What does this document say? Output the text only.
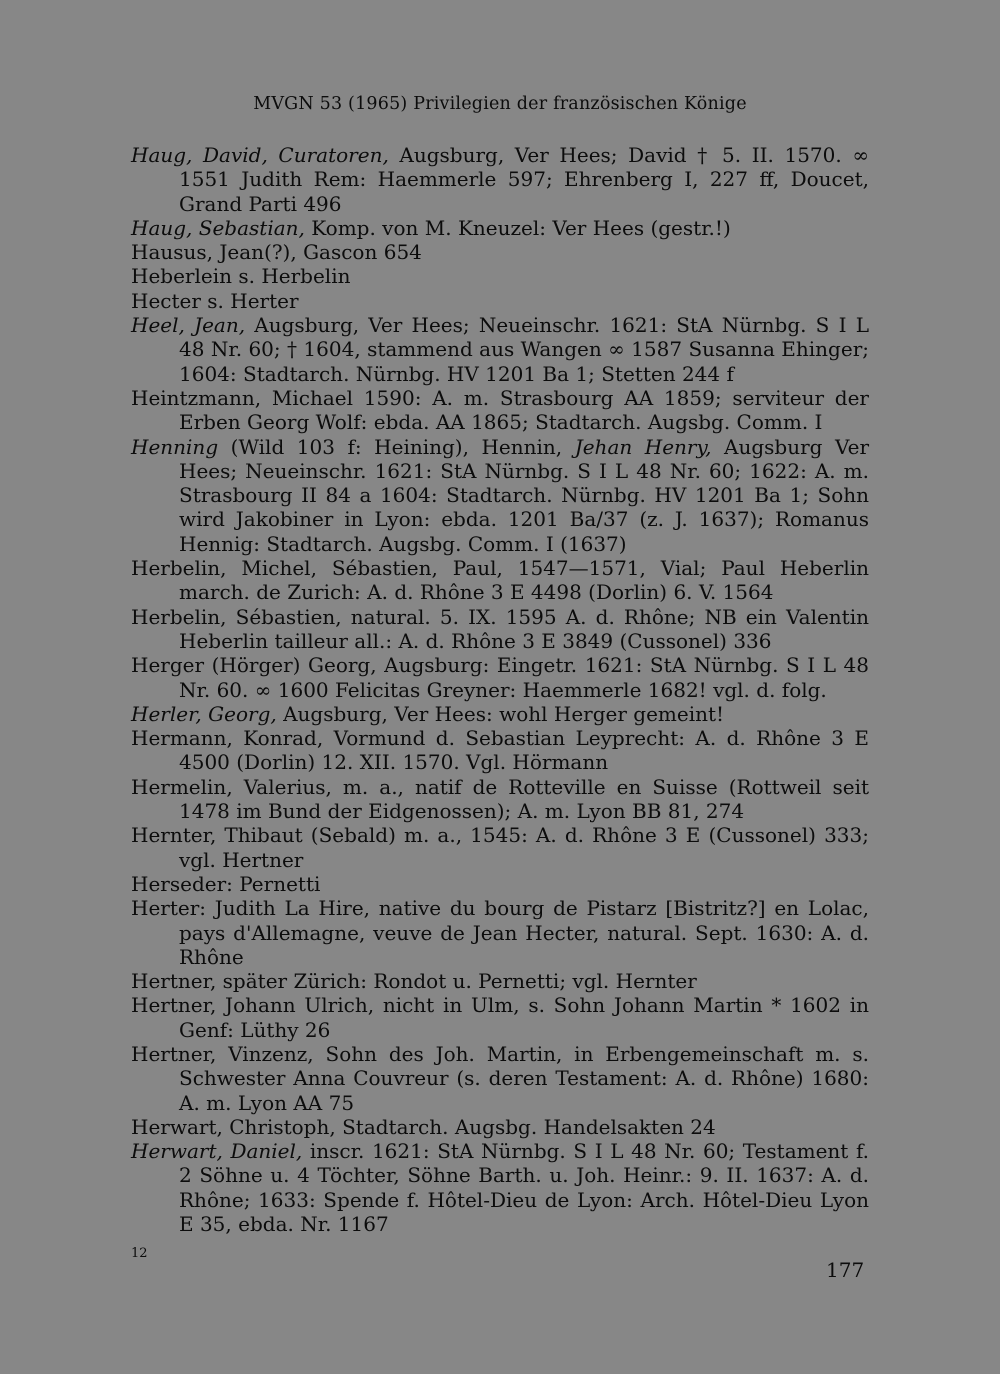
MVGN 53 (1965) Privilegien der französischen Könige
Haug, David, Curatoren, Augsburg, Ver Hees; David † 5. II. 1570. ∞ 1551 Judith Rem: Haemmerle 597; Ehrenberg I, 227 ff, Doucet, Grand Parti 496
Haug, Sebastian, Komp. von M. Kneuzel: Ver Hees (gestr.!)
Hausus, Jean(?), Gascon 654
Heberlein s. Herbelin
Hecter s. Herter
Heel, Jean, Augsburg, Ver Hees; Neueinschr. 1621: StA Nürnbg. S I L 48 Nr. 60; † 1604, stammend aus Wangen ∞ 1587 Susanna Ehinger; 1604: Stadtarch. Nürnbg. HV 1201 Ba 1; Stetten 244 f
Heintzmann, Michael 1590: A. m. Strasbourg AA 1859; serviteur der Erben Georg Wolf: ebda. AA 1865; Stadtarch. Augsbg. Comm. I
Henning (Wild 103 f: Heining), Hennin, Jehan Henry, Augsburg Ver Hees; Neueinschr. 1621: StA Nürnbg. S I L 48 Nr. 60; 1622: A. m. Strasbourg II 84 a 1604: Stadtarch. Nürnbg. HV 1201 Ba 1; Sohn wird Jakobiner in Lyon: ebda. 1201 Ba/37 (z. J. 1637); Romanus Hennig: Stadtarch. Augsbg. Comm. I (1637)
Herbelin, Michel, Sébastien, Paul, 1547—1571, Vial; Paul Heberlin march. de Zurich: A. d. Rhône 3 E 4498 (Dorlin) 6. V. 1564
Herbelin, Sébastien, natural. 5. IX. 1595 A. d. Rhône; NB ein Valentin Heberlin tailleur all.: A. d. Rhône 3 E 3849 (Cussonel) 336
Herger (Hörger) Georg, Augsburg: Eingetr. 1621: StA Nürnbg. S I L 48 Nr. 60. ∞ 1600 Felicitas Greyner: Haemmerle 1682! vgl. d. folg.
Herler, Georg, Augsburg, Ver Hees: wohl Herger gemeint!
Hermann, Konrad, Vormund d. Sebastian Leyprecht: A. d. Rhône 3 E 4500 (Dorlin) 12. XII. 1570. Vgl. Hörmann
Hermelin, Valerius, m. a., natif de Rotteville en Suisse (Rottweil seit 1478 im Bund der Eidgenossen); A. m. Lyon BB 81, 274
Hernter, Thibaut (Sebald) m. a., 1545: A. d. Rhône 3 E (Cussonel) 333; vgl. Hertner
Herseder: Pernetti
Herter: Judith La Hire, native du bourg de Pistarz [Bistritz?] en Lolac, pays d'Allemagne, veuve de Jean Hecter, natural. Sept. 1630: A. d. Rhône
Hertner, später Zürich: Rondot u. Pernetti; vgl. Hernter
Hertner, Johann Ulrich, nicht in Ulm, s. Sohn Johann Martin * 1602 in Genf: Lüthy 26
Hertner, Vinzenz, Sohn des Joh. Martin, in Erbengemeinschaft m. s. Schwester Anna Couvreur (s. deren Testament: A. d. Rhône) 1680: A. m. Lyon AA 75
Herwart, Christoph, Stadtarch. Augsbg. Handelsakten 24
Herwart, Daniel, inscr. 1621: StA Nürnbg. S I L 48 Nr. 60; Testament f. 2 Söhne u. 4 Töchter, Söhne Barth. u. Joh. Heinr.: 9. II. 1637: A. d. Rhône; 1633: Spende f. Hôtel-Dieu de Lyon: Arch. Hôtel-Dieu Lyon E 35, ebda. Nr. 1167
12
177
